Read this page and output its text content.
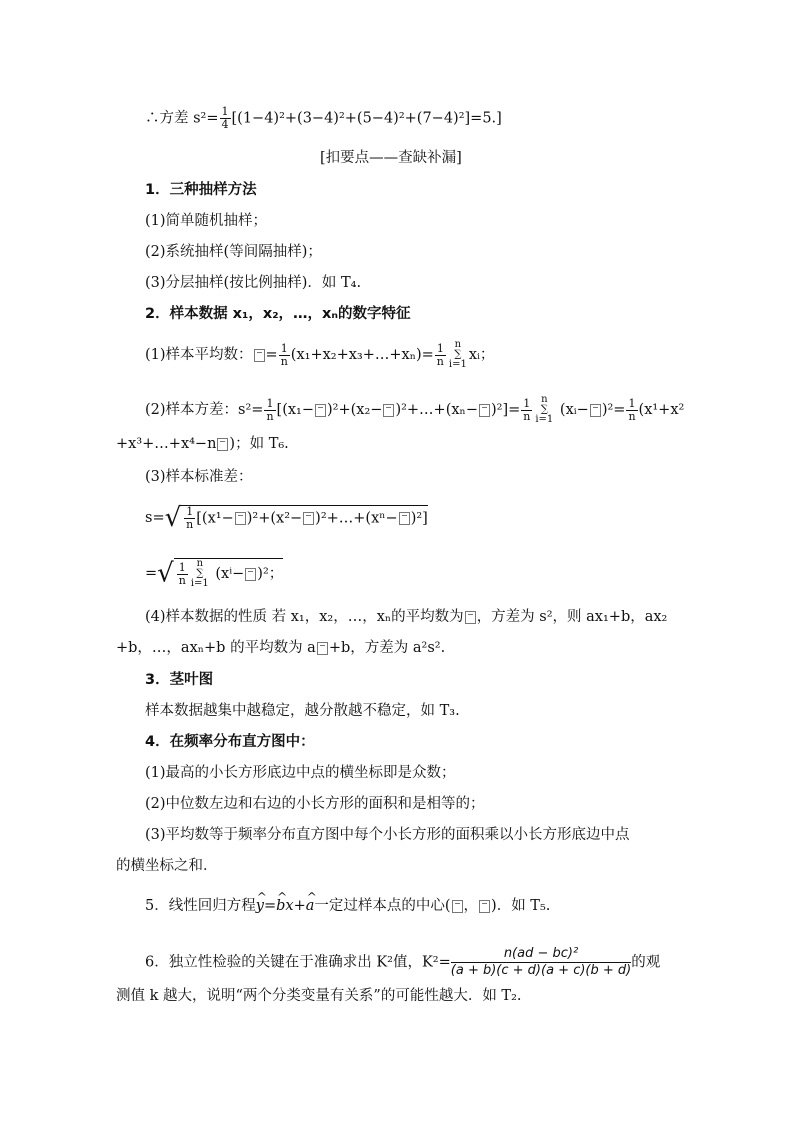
∴方差 $s^2= \frac{1}{4} [(1-4)^2+(3-4)^2+(5-4)^2+(7-4)^2]=5$.]
[扣要点——查缺补漏]
1．三种抽样方法
(1)简单随机抽样；
(2)系统抽样(等间隔抽样)；
(3)分层抽样(按比例抽样)．如 T₄.
2．样本数据 x₁，x₂，…，xₙ的数字特征
(1)样本平均数： = $\frac{1}{n}$ (x₁+x₂+x₃+…+xₙ)= $\frac{1}{n}$ n
∑
i=1xᵢ；
(2)样本方差：$s^2= \frac{1}{n} [(x_1- )^2+(x_2-$ )²+…+(xₙ− )$^2]= \frac{1}{n}$ n
∑
i=1 (xᵢ− )$^2= \frac{1}{n} (x^1+x^2$
+x³+…+x⁴−n )；如 T₆.
(3)样本标准差：
$s=√ \frac{1}{n} [(x^1- )^2+(x^2-$ )²+…+(xⁿ− )²]
=√ $\frac{1}{n}$ n
∑
i=1 (xⁱ− )²；
(4)样本数据的性质 若 x₁，x₂，…，xₙ的平均数为 ，方差为 s²，则 ax₁+b，ax₂
+b，…，axₙ+b 的平均数为 a +b，方差为 a²s².
3．茎叶图
样本数据越集中越稳定，越分散越不稳定，如 T₃.
4．在频率分布直方图中：
(1)最高的小长方形底边中点的横坐标即是众数；
(2)中位数左边和右边的小长方形的面积和是相等的；
(3)平均数等于频率分布直方图中每个小长方形的面积乘以小长方形底边中点
的横坐标之和．
5．线性回归方程^ y=^ bx+^ a一定过样本点的中心( ， )．如 T₅.
6．独立性检验的关键在于准确求出 K²值，$K^2= \frac{\text{n(ad − bc)²}}{(a + b)(c + d)(a + c)(b + d)}$的观
测值 k 越大，说明“两个分类变量有关系”的可能性越大．如 T₂.
